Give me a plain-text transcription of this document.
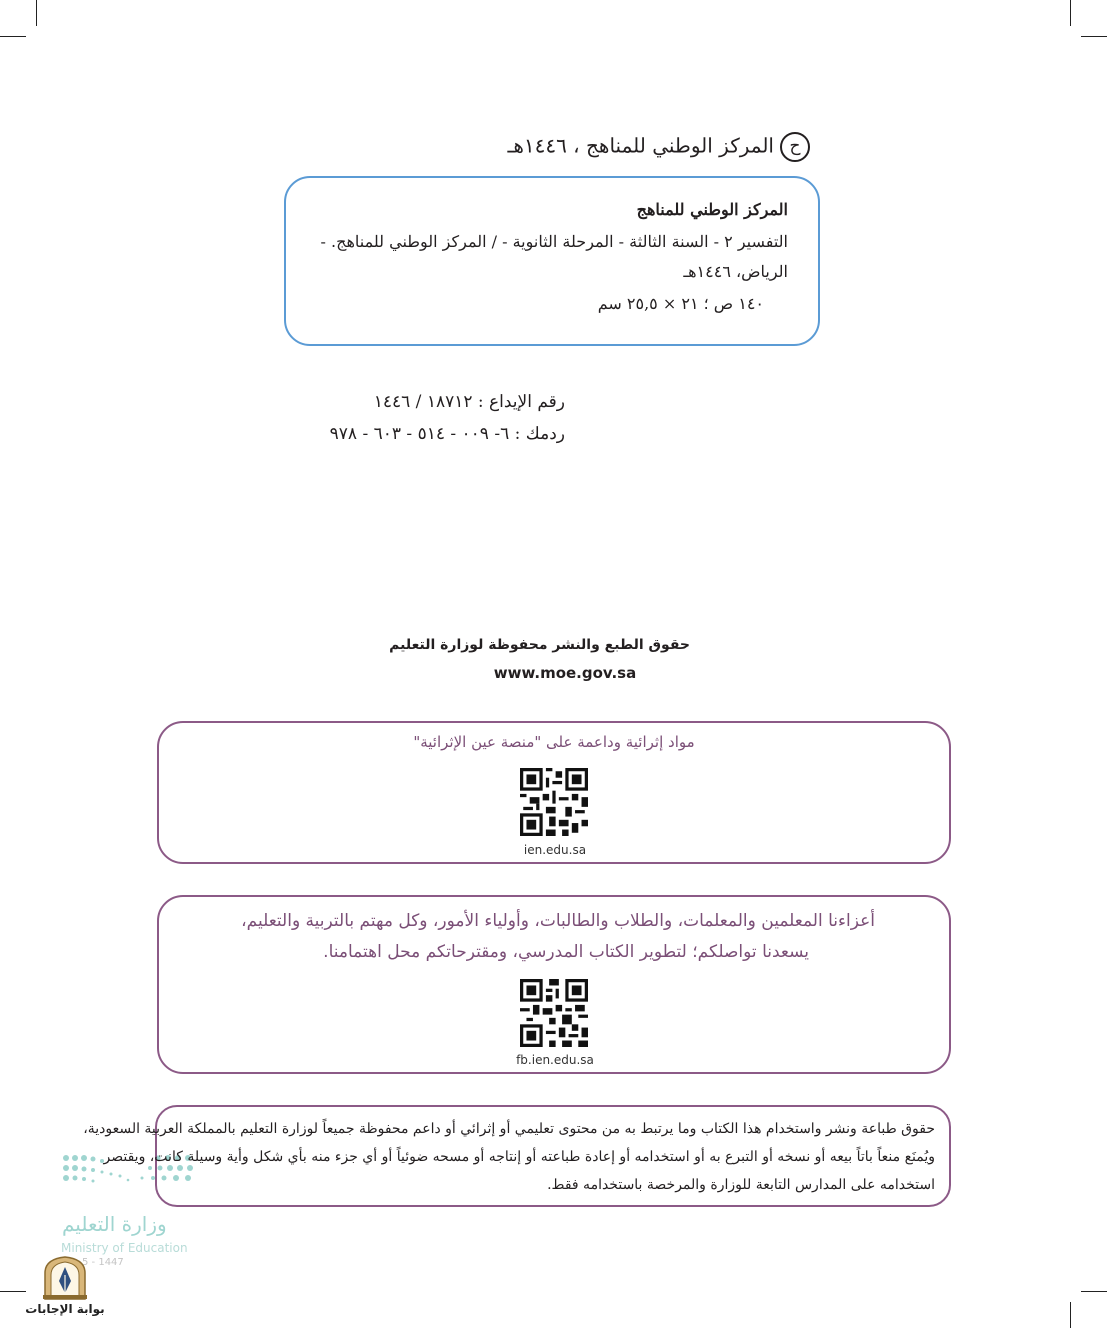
حالمركز الوطني للمناهج ، ١٤٤٦هـ
المركز الوطني للمناهج
التفسير ٢ - السنة الثالثة - المرحلة الثانوية - / المركز الوطني للمناهج. -
الرياض، ١٤٤٦هـ
١٤٠ ص ؛ ٢١ × ٢٥,٥ سم
رقم الإيداع : ١٨٧١٢ / ١٤٤٦
ردمك : ٦- ٠٠٩ - ٥١٤ - ٦٠٣ - ٩٧٨
حقوق الطبع والنشر محفوظة لوزارة التعليم
www.moe.gov.sa
مواد إثرائية وداعمة على "منصة عين الإثرائية"
ien.edu.sa
أعزاءنا المعلمين والمعلمات، والطلاب والطالبات، وأولياء الأمور، وكل مهتم بالتربية والتعليم،
يسعدنا تواصلكم؛ لتطوير الكتاب المدرسي، ومقترحاتكم محل اهتمامنا.
fb.ien.edu.sa
وزارة التعليم
Ministry of Education
5 - 1447
حقوق طباعة ونشر واستخدام هذا الكتاب وما يرتبط به من محتوى تعليمي أو إثرائي أو داعم محفوظة جميعاً لوزارة التعليم بالمملكة العربية السعودية،
ويُمنَع منعاً باتاً بيعه أو نسخه أو التبرع به أو استخدامه أو إعادة طباعته أو إنتاجه أو مسحه ضوئياً أو أي جزء منه بأي شكل وأية وسيلة كانت، ويقتصر
استخدامه على المدارس التابعة للوزارة والمرخصة باستخدامه فقط.
بوابة الإجابات
